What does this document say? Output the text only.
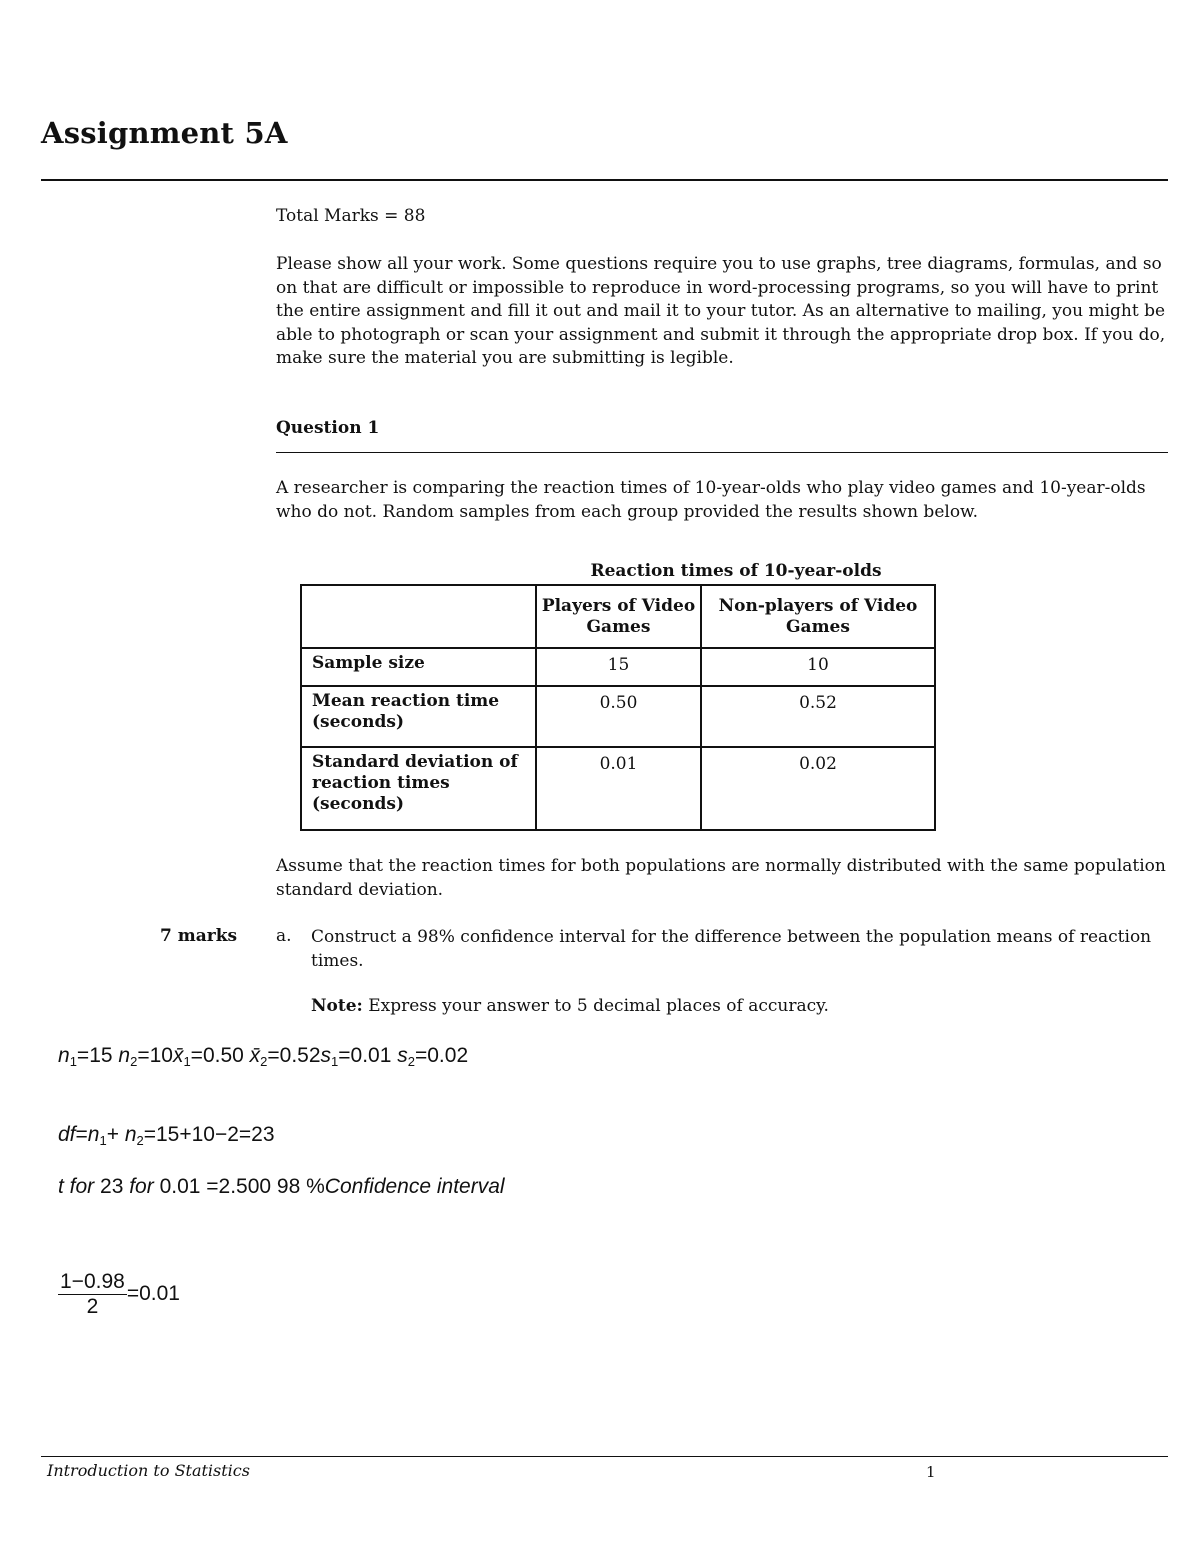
Assignment 5A
Total Marks = 88
Please show all your work. Some questions require you to use graphs, tree diagrams, formulas, and so on that are difficult or impossible to reproduce in word-processing programs, so you will have to print the entire assignment and fill it out and mail it to your tutor. As an alternative to mailing, you might be able to photograph or scan your assignment and submit it through the appropriate drop box. If you do, make sure the material you are submitting is legible.
Question 1
A researcher is comparing the reaction times of 10-year-olds who play video games and 10-year-olds who do not. Random samples from each group provided the results shown below.
Reaction times of 10-year-olds
	Players of Video Games	Non-players of Video Games
Sample size	15	10
Mean reaction time (seconds)	0.50	0.52
Standard deviation of reaction times (seconds)	0.01	0.02
Assume that the reaction times for both populations are normally distributed with the same population standard deviation.
7 marks a. Construct a 98% confidence interval for the difference between the population means of reaction times.
Note: Express your answer to 5 decimal places of accuracy.
$n_1=15$ $n_2=10x̄_1=0.50$ $x̄_2=0.52s_1=0.01$ $s_2=0.02$
$df=n_1+ n_2=15+10-2=23$
t for 23 for 0.01 =2.500 98 %Confidence interval
$\frac{1-0.98}{2} =0.01$
Introduction to Statistics	1
